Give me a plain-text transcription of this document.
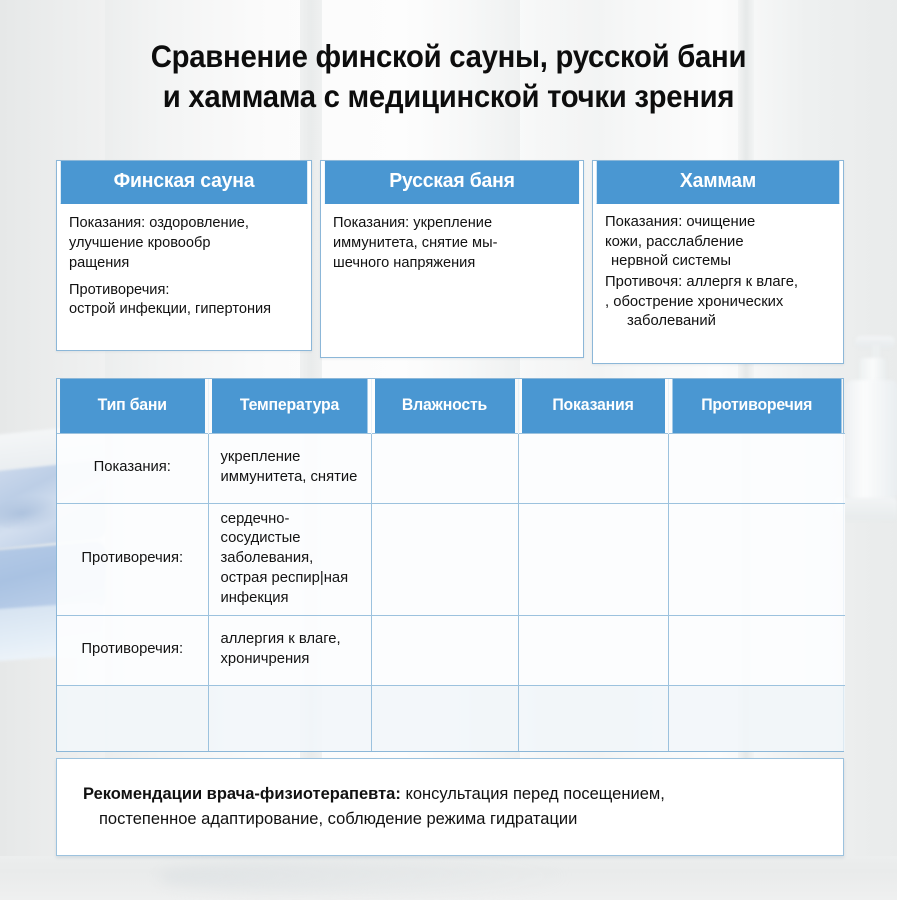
Сравнение финской сауны, русской бани
и хаммама с медицинской точки зрения
Финская сауна

Показания: оздоровление,
улучшение кровообр
ращения

Противоречия:
острой инфекции, гипертония

Русская баня

Показания: укрепление
иммунитета, снятие мы-
шечного напряжения

Хаммам

Показания: очищение
кожи, расслабление
нервной системы

Противочя: аллергя к влаге,
, обострение хронических
заболеваний

Тип бани	Температура	Влажность	Показания	Противоречия
Показания:	укрепление иммунитета, снятие			
Противоречия:	сердечно-сосудистые заболевания,
острая респир|ная инфекция			
Противоречия:	аллергия к влаге, хроничрения			

Рекомендации врача-физиотерапевта: консультация перед посещением,
постепенное адаптирование, соблюдение режима гидратации
